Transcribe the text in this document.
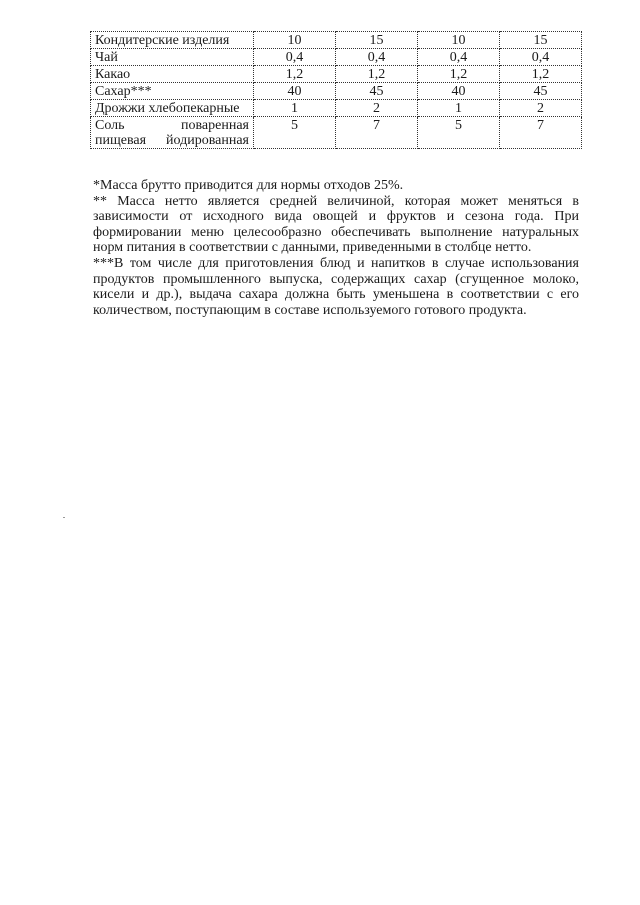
Кондитерские изделия	10	15	10	15
Чай	0,4	0,4	0,4	0,4
Какао	1,2	1,2	1,2	1,2
Сахар***	40	45	40	45
Дрожжи хлебопекарные	1	2	1	2
Соль поваренная пищевая йодированная	5	7	5	7

*Масса брутто приводится для нормы отходов 25%.

** Масса нетто является средней величиной, которая может меняться в зависимости от исходного вида овощей и фруктов и сезона года. При формировании меню целесообразно обеспечивать выполнение натуральных норм питания в соответствии с данными, приведенными в столбце нетто.

***В том числе для приготовления блюд и напитков в случае использования продуктов промышленного выпуска, содержащих сахар (сгущенное молоко, кисели и др.), выдача сахара должна быть уменьшена в соответствии с его количеством, поступающим в составе используемого готового продукта.
